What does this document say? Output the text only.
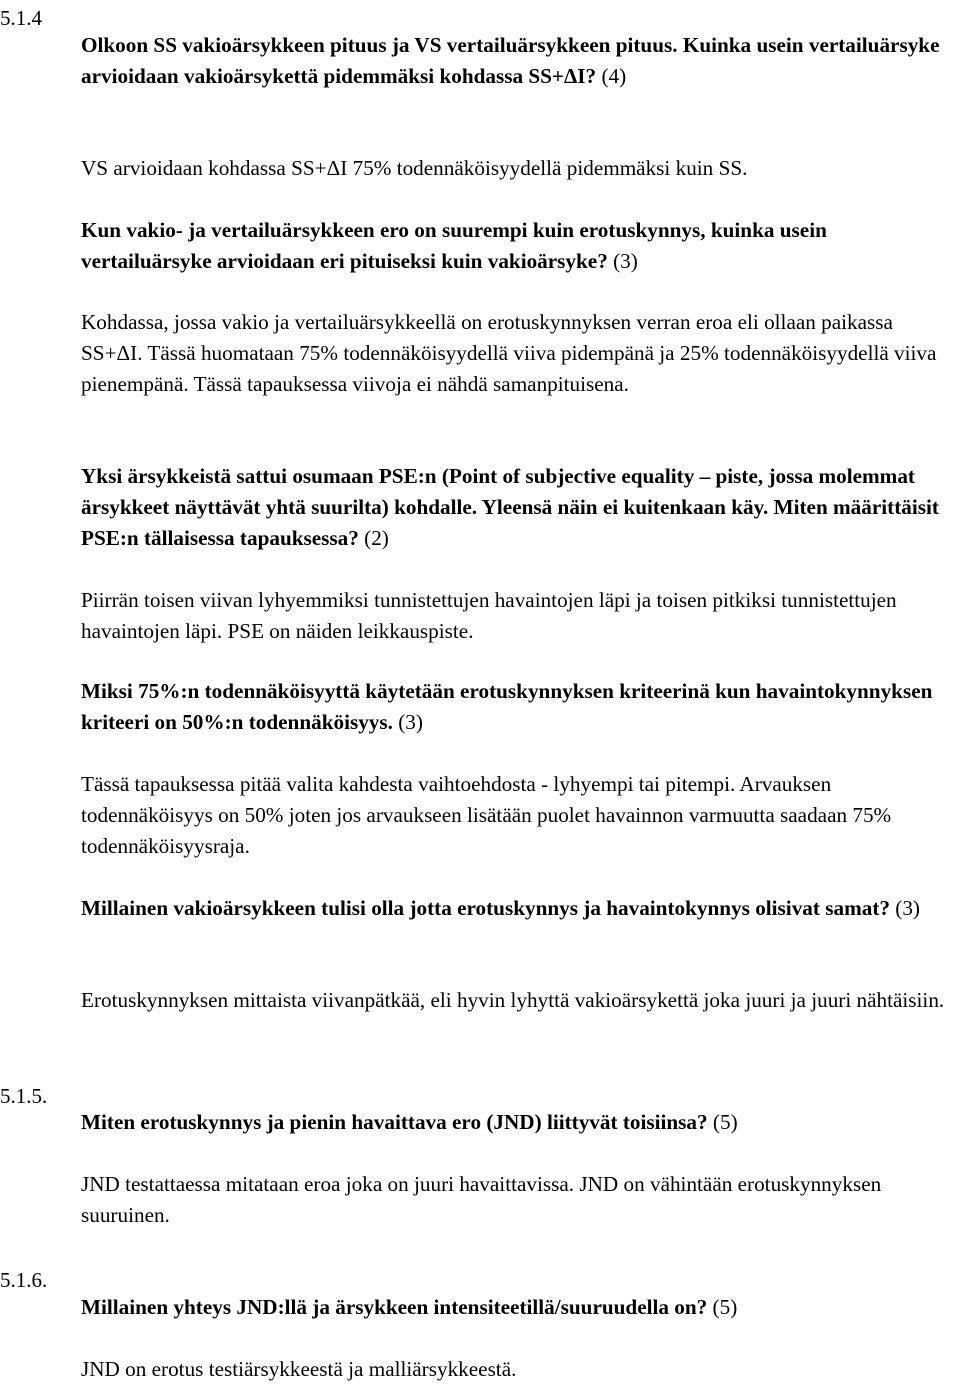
5.1.4
Olkoon SS vakioärsykkeen pituus ja VS vertailuärsykkeen pituus. Kuinka usein vertailuärsyke arvioidaan vakioärsykettä pidemmäksi kohdassa SS+ΔI? (4)
VS arvioidaan kohdassa SS+ΔI 75% todennäköisyydellä pidemmäksi kuin SS.
Kun vakio- ja vertailuärsykkeen ero on suurempi kuin erotuskynnys, kuinka usein vertailuärsyke arvioidaan eri pituiseksi kuin vakioärsyke? (3)
Kohdassa, jossa vakio ja vertailuärsykkeellä on erotuskynnyksen verran eroa eli ollaan paikassa SS+ΔI. Tässä huomataan 75% todennäköisyydellä viiva pidempänä ja 25% todennäköisyydellä viiva pienempänä. Tässä tapauksessa viivoja ei nähdä samanpituisena.
Yksi ärsykkeistä sattui osumaan PSE:n (Point of subjective equality – piste, jossa molemmat ärsykkeet näyttävät yhtä suurilta) kohdalle. Yleensä näin ei kuitenkaan käy. Miten määrittäisit PSE:n tällaisessa tapauksessa? (2)
Piirrän toisen viivan lyhyemmiksi tunnistettujen havaintojen läpi ja toisen pitkiksi tunnistettujen havaintojen läpi. PSE on näiden leikkauspiste.
Miksi 75%:n todennäköisyyttä käytetään erotuskynnyksen kriteerinä kun havaintokynnyksen kriteeri on 50%:n todennäköisyys. (3)
Tässä tapauksessa pitää valita kahdesta vaihtoehdosta - lyhyempi tai pitempi. Arvauksen todennäköisyys on 50% joten jos arvaukseen lisätään puolet havainnon varmuutta saadaan 75% todennäköisyysraja.
Millainen vakioärsykkeen tulisi olla jotta erotuskynnys ja havaintokynnys olisivat samat? (3)
Erotuskynnyksen mittaista viivanpätkää, eli hyvin lyhyttä vakioärsykettä joka juuri ja juuri nähtäisiin.
5.1.5.
Miten erotuskynnys ja pienin havaittava ero (JND) liittyvät toisiinsa? (5)
JND testattaessa mitataan eroa joka on juuri havaittavissa. JND on vähintään erotuskynnyksen suuruinen.
5.1.6.
Millainen yhteys JND:llä ja ärsykkeen intensiteetillä/suuruudella on? (5)
JND on erotus testiärsykkeestä ja malliärsykkeestä.
